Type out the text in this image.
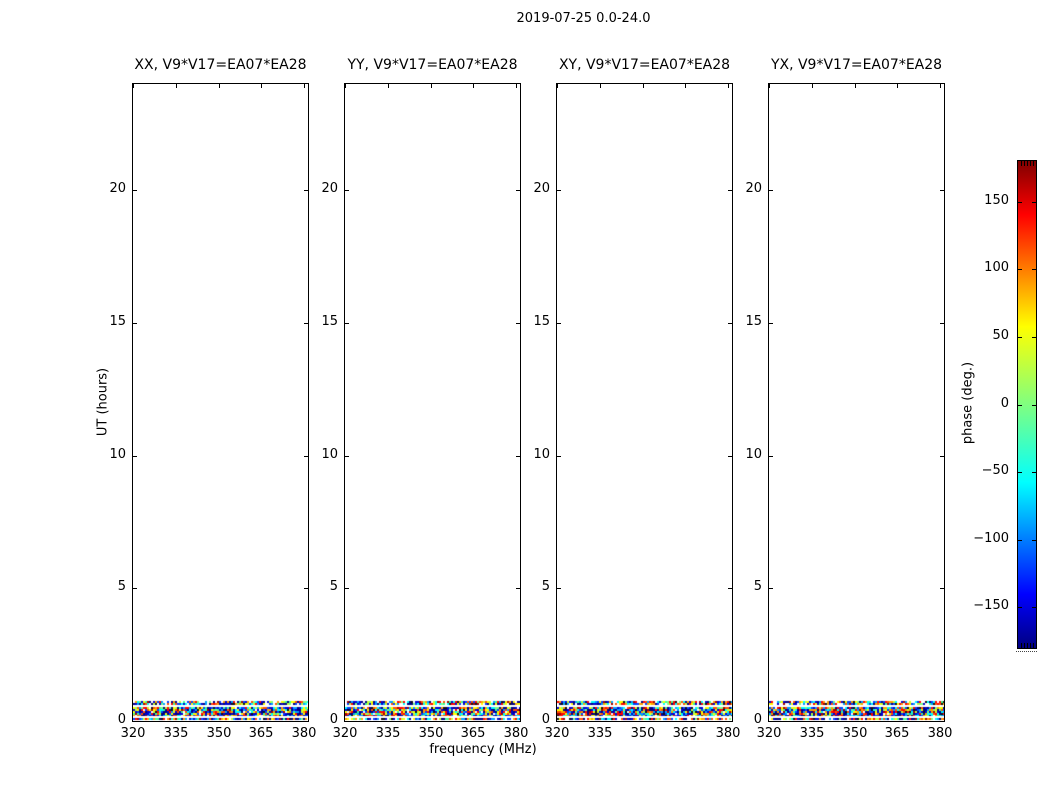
2019-07-25 0.0-24.0
XX, V9*V17=EA07*EA28
320	335	350	365	380
0
5
10
15
20
YY, V9*V17=EA07*EA28
320	335	350	365	380
0
5
10
15
20
XY, V9*V17=EA07*EA28
320	335	350	365	380
0
5
10
15
20
YX, V9*V17=EA07*EA28
320	335	350	365	380
0
5
10
15
20
frequency (MHz)
UT (hours)	phase (deg.)
150
100
50
0
−50
−100
−150
